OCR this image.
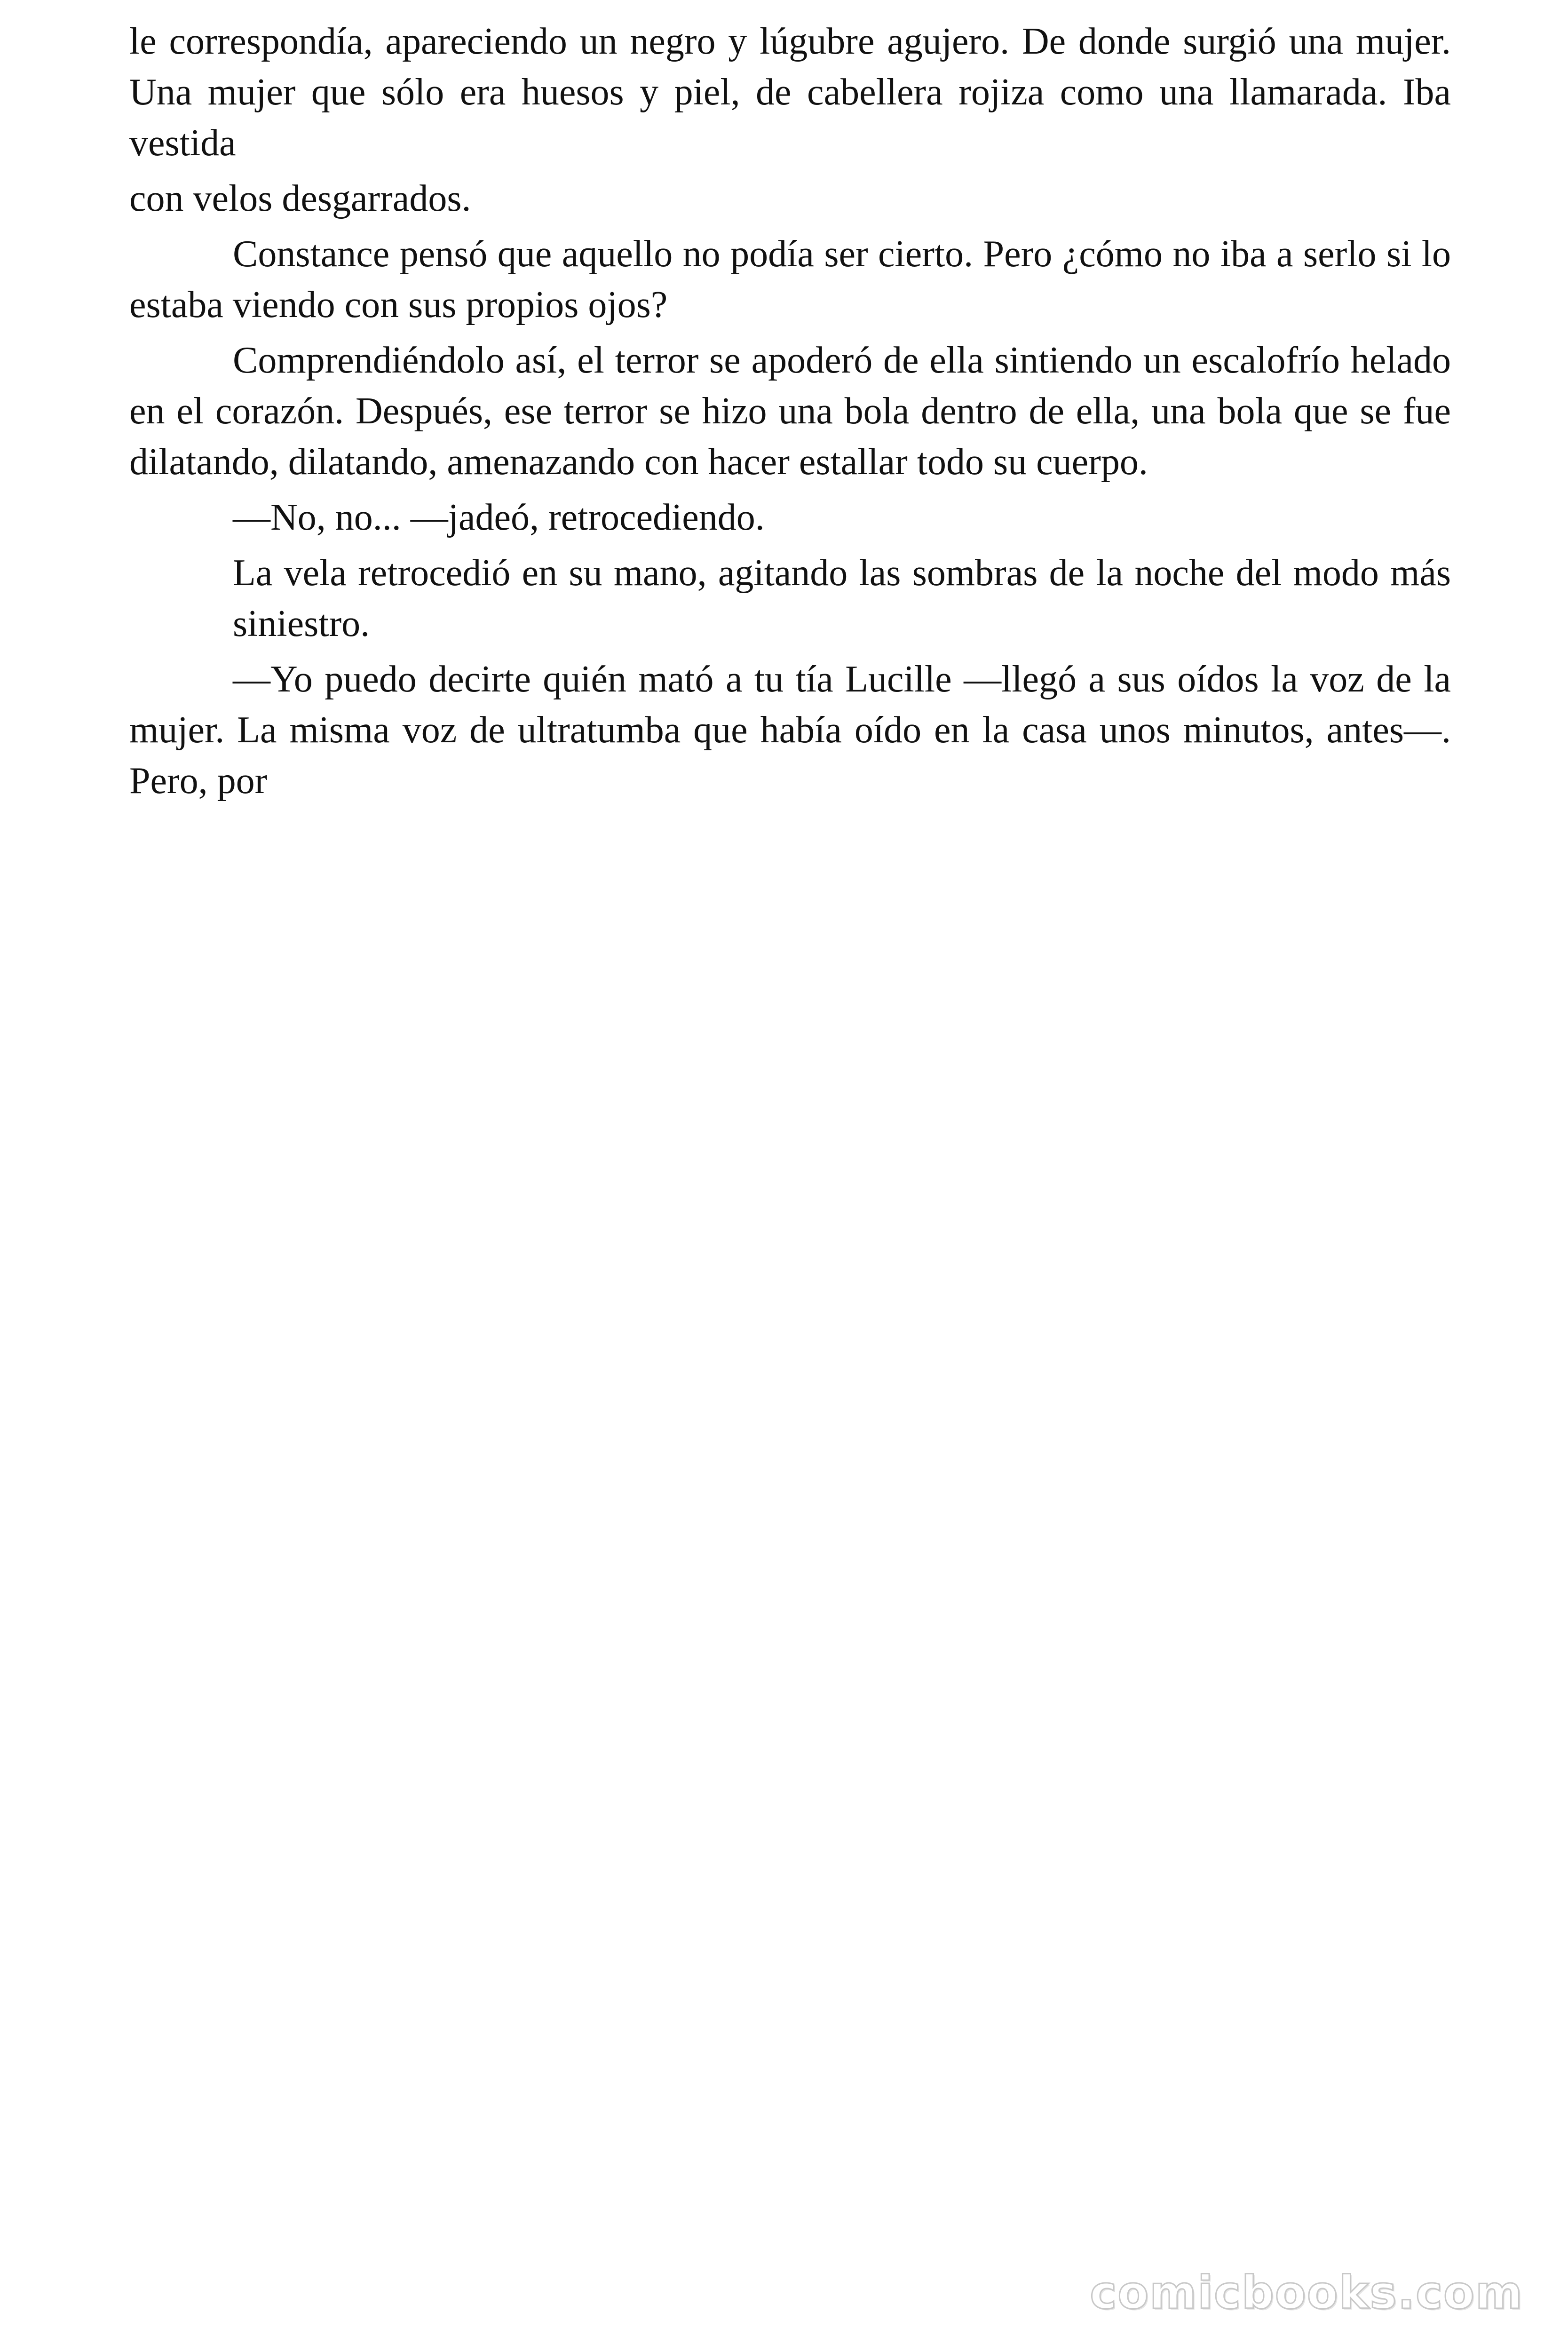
le correspondía, apareciendo un negro y lúgubre agujero. De donde surgió una mujer. Una mujer que sólo era huesos y piel, de cabellera rojiza como una llamarada. Iba vestida

con velos desgarrados.

Constance pensó que aquello no podía ser cierto. Pero ¿cómo no iba a serlo si lo estaba viendo con sus propios ojos?

Comprendiéndolo así, el terror se apoderó de ella sintiendo un escalofrío helado en el corazón. Después, ese terror se hizo una bola dentro de ella, una bola que se fue dilatando, dilatando, amenazando con hacer estallar todo su cuerpo.

—No, no... —jadeó, retrocediendo.

La vela retrocedió en su mano, agitando las sombras de la noche del modo más siniestro.

—Yo puedo decirte quién mató a tu tía Lucille —llegó a sus oídos la voz de la mujer. La misma voz de ultratumba que había oído en la casa unos minutos, antes—. Pero, por

comicbooks.com
